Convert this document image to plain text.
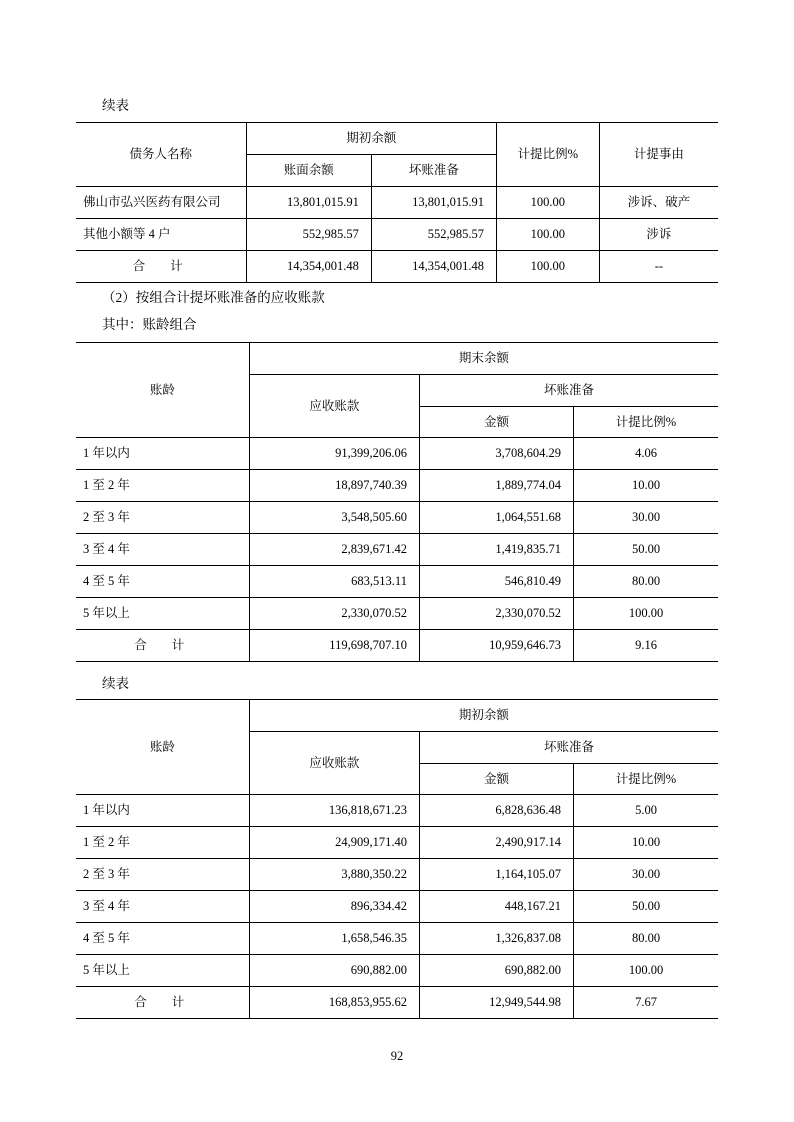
续表
债务人名称	期初余额		计提比例%	计提事由
	账面余额	坏账准备		
佛山市弘兴医药有限公司	13,801,015.91	13,801,015.91	100.00	涉诉、破产
其他小额等 4 户	552,985.57	552,985.57	100.00	涉诉
合　计	14,354,001.48	14,354,001.48	100.00	--
（2）按组合计提坏账准备的应收账款
其中：账龄组合
账龄	期末余额		
	应收账款	坏账准备	
		金额	计提比例%
1 年以内	91,399,206.06	3,708,604.29	4.06
1 至 2 年	18,897,740.39	1,889,774.04	10.00
2 至 3 年	3,548,505.60	1,064,551.68	30.00
3 至 4 年	2,839,671.42	1,419,835.71	50.00
4 至 5 年	683,513.11	546,810.49	80.00
5 年以上	2,330,070.52	2,330,070.52	100.00
合　计	119,698,707.10	10,959,646.73	9.16
续表
账龄	期初余额		
	应收账款	坏账准备	
		金额	计提比例%
1 年以内	136,818,671.23	6,828,636.48	5.00
1 至 2 年	24,909,171.40	2,490,917.14	10.00
2 至 3 年	3,880,350.22	1,164,105.07	30.00
3 至 4 年	896,334.42	448,167.21	50.00
4 至 5 年	1,658,546.35	1,326,837.08	80.00
5 年以上	690,882.00	690,882.00	100.00
合　计	168,853,955.62	12,949,544.98	7.67
92
